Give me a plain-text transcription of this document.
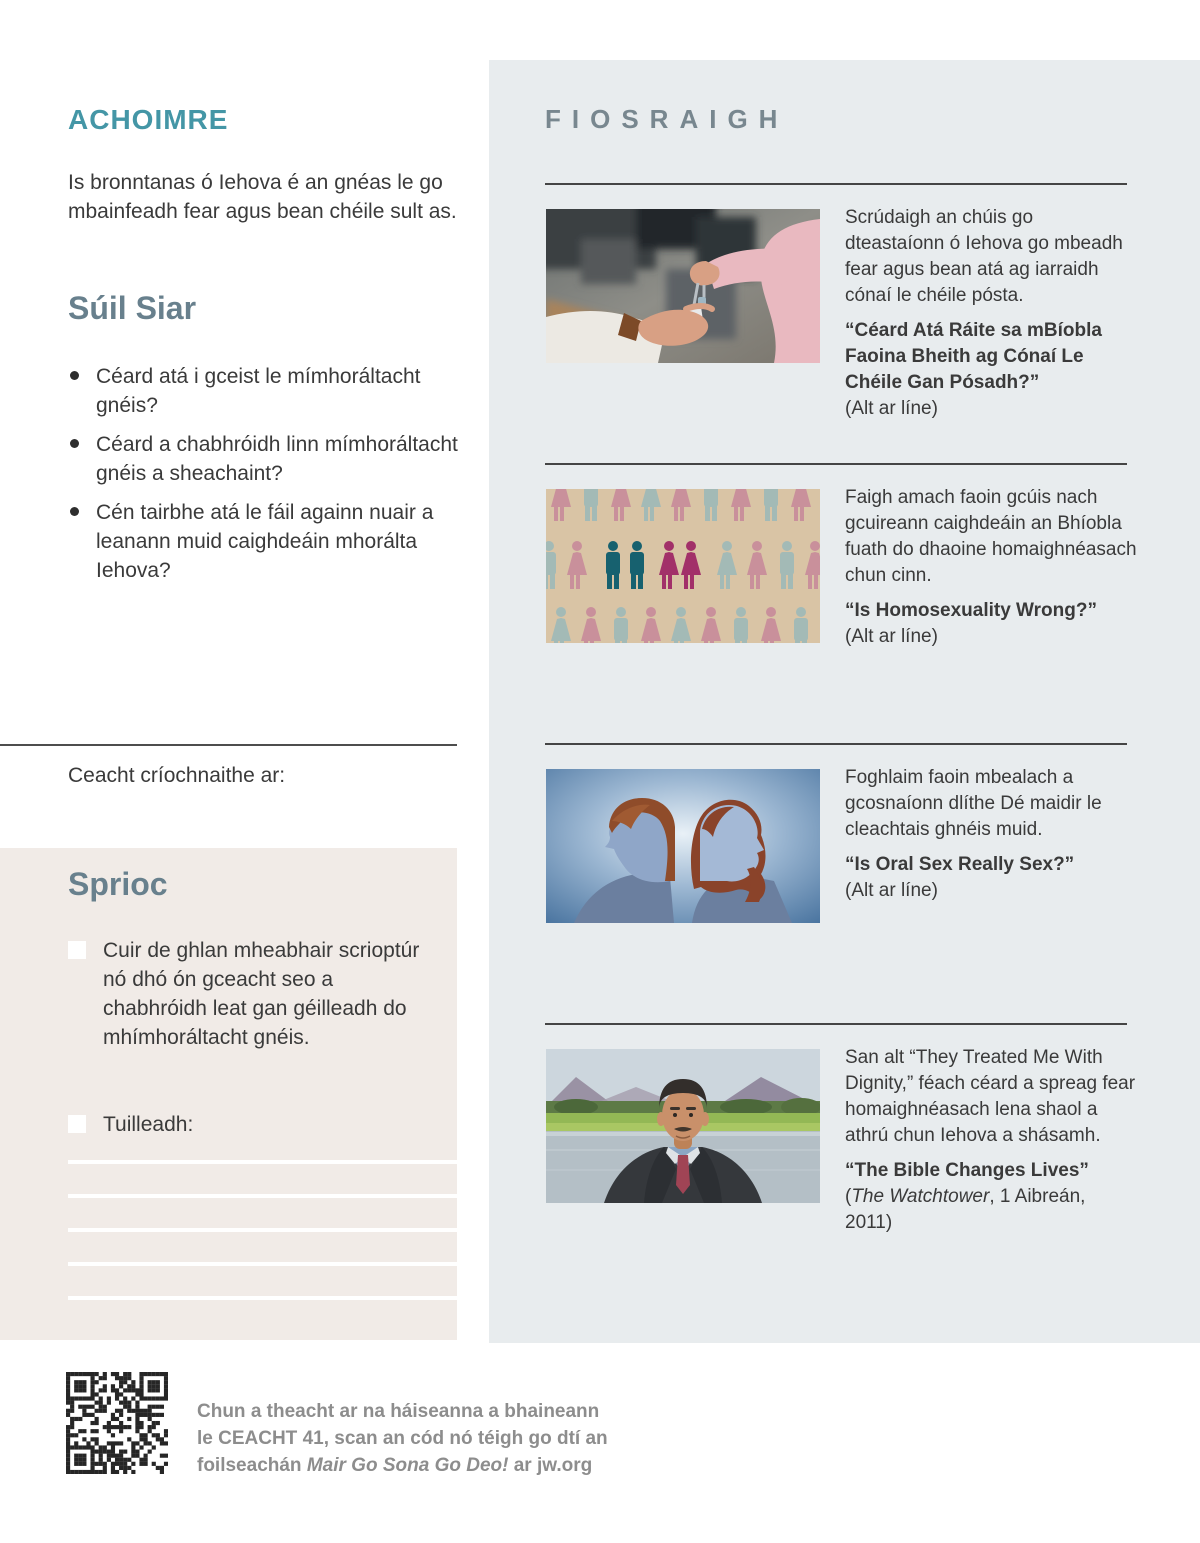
ACHOIMRE
Is bronntanas ó Iehova é an gnéas le go mbainfeadh fear agus bean chéile sult as.
Súil Siar
Céard atá i gceist le mímhoráltacht gnéis?
Céard a chabhróidh linn mímhoráltacht gnéis a sheachaint?
Cén tairbhe atá le fáil againn nuair a leanann muid caighdeáin mhorálta Iehova?
Ceacht críochnaithe ar:
Sprioc
Cuir de ghlan mheabhair scrioptúr nó dhó ón gceacht seo a chabhróidh leat gan géilleadh do mhímhoráltacht gnéis.
Tuilleadh:
Chun a theacht ar na háiseanna a bhaineann
le CEACHT 41, scan an cód nó téigh go dtí an
foilseachán Mair Go Sona Go Deo! ar jw.org
FIOSRAIGH

Scrúdaigh an chúis go dteastaíonn ó Iehova go mbeadh fear agus bean atá ag iarraidh cónaí le chéile pósta.

“Céard Atá Ráite sa mBíobla Faoina Bheith ag Cónaí Le Chéile Gan Pósadh?”

(Alt ar líne)

Faigh amach faoin gcúis nach gcuireann caighdeáin an Bhíobla fuath do dhaoine homaighnéasach chun cinn.

“Is Homosexuality Wrong?”

(Alt ar líne)

Foghlaim faoin mbealach a gcosnaíonn dlíthe Dé maidir le cleachtais ghnéis muid.

“Is Oral Sex Really Sex?”

(Alt ar líne)

San alt “They Treated Me With Dignity,” féach céard a spreag fear homaighnéasach lena shaol a athrú chun Iehova a shásamh.

“The Bible Changes Lives”

(The Watchtower, 1 Aibreán, 2011)
